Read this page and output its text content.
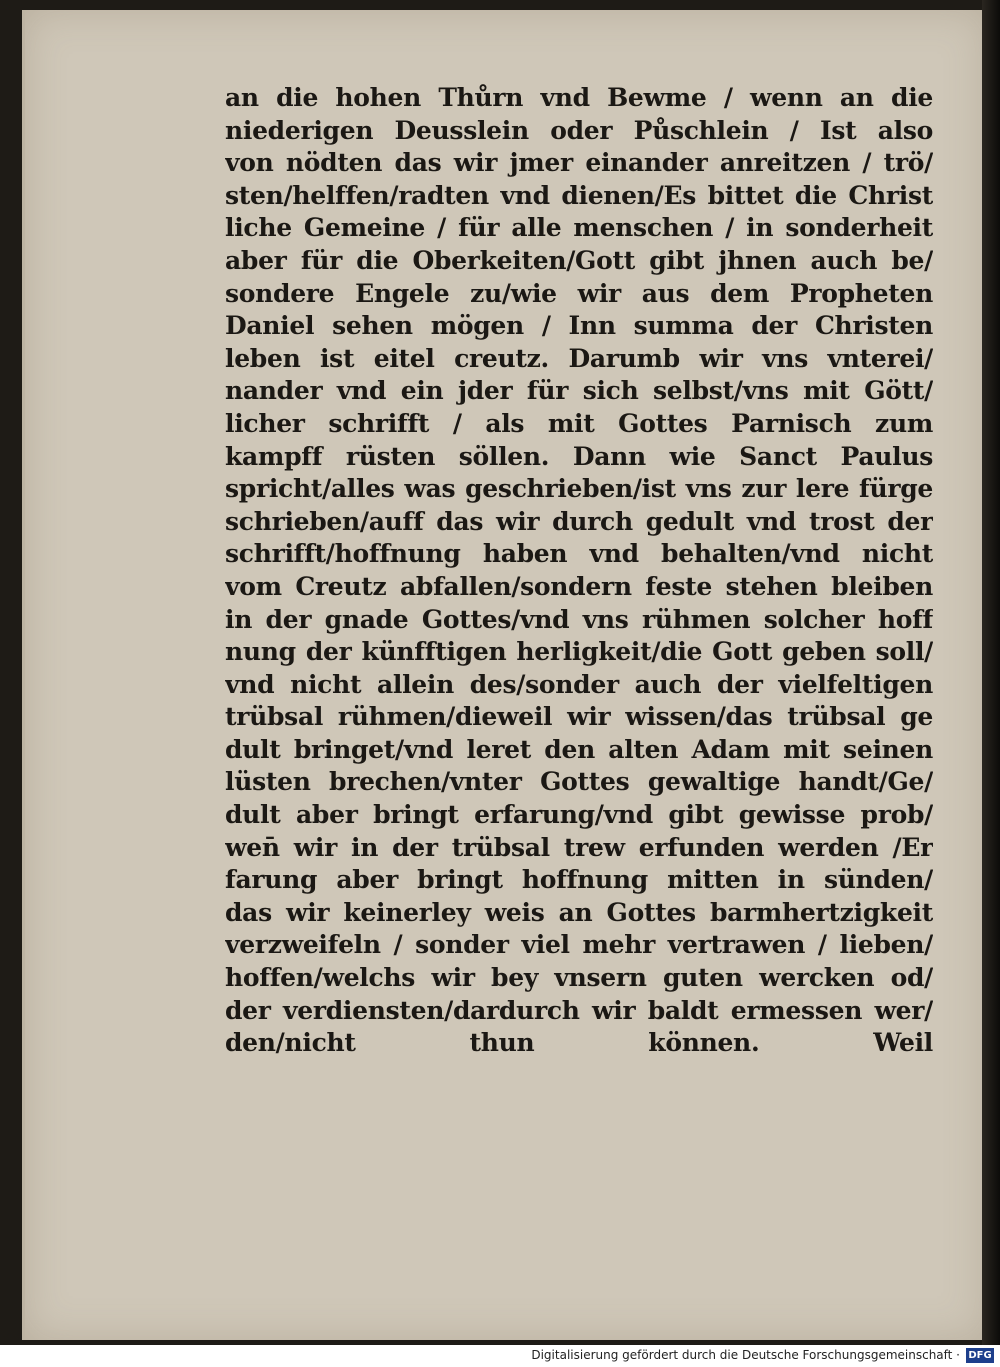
an die hohen Thůrn vnd Bewme / wenn an die
niederigen Deusslein oder Půschlein / Ist also
von nödten das wir jmer einander anreitzen / trö/
sten/helffen/radten vnd dienen/Es bittet die Christ
liche Gemeine / für alle menschen / in sonderheit
aber für die Oberkeiten/Gott gibt jhnen auch be/
sondere Engele zu/wie wir aus dem Propheten
Daniel sehen mögen / Inn summa der Christen
leben ist eitel creutz. Darumb wir vns vnterei/
nander vnd ein jder für sich selbst/vns mit Gött/
licher schrifft / als mit Gottes Parnisch zum
kampff rüsten söllen. Dann wie Sanct Paulus
spricht/alles was geschrieben/ist vns zur lere fürge
schrieben/auff das wir durch gedult vnd trost der
schrifft/hoffnung haben vnd behalten/vnd nicht
vom Creutz abfallen/sondern feste stehen bleiben
in der gnade Gottes/vnd vns rühmen solcher hoff
nung der künfftigen herligkeit/die Gott geben soll/
vnd nicht allein des/sonder auch der vielfeltigen
trübsal rühmen/dieweil wir wissen/das trübsal ge
dult bringet/vnd leret den alten Adam mit seinen
lüsten brechen/vnter Gottes gewaltige handt/Ge/
dult aber bringt erfarung/vnd gibt gewisse prob/
wen̄ wir in der trübsal trew erfunden werden /Er
farung aber bringt hoffnung mitten in sünden/
das wir keinerley weis an Gottes barmhertzigkeit
verzweifeln / sonder viel mehr vertrawen / lieben/
hoffen/welchs wir bey vnsern guten wercken od/
der verdiensten/dardurch wir baldt ermessen wer/
den/nicht thun können. Weil
Digitalisierung gefördert durch die Deutsche Forschungsgemeinschaft · DFG
